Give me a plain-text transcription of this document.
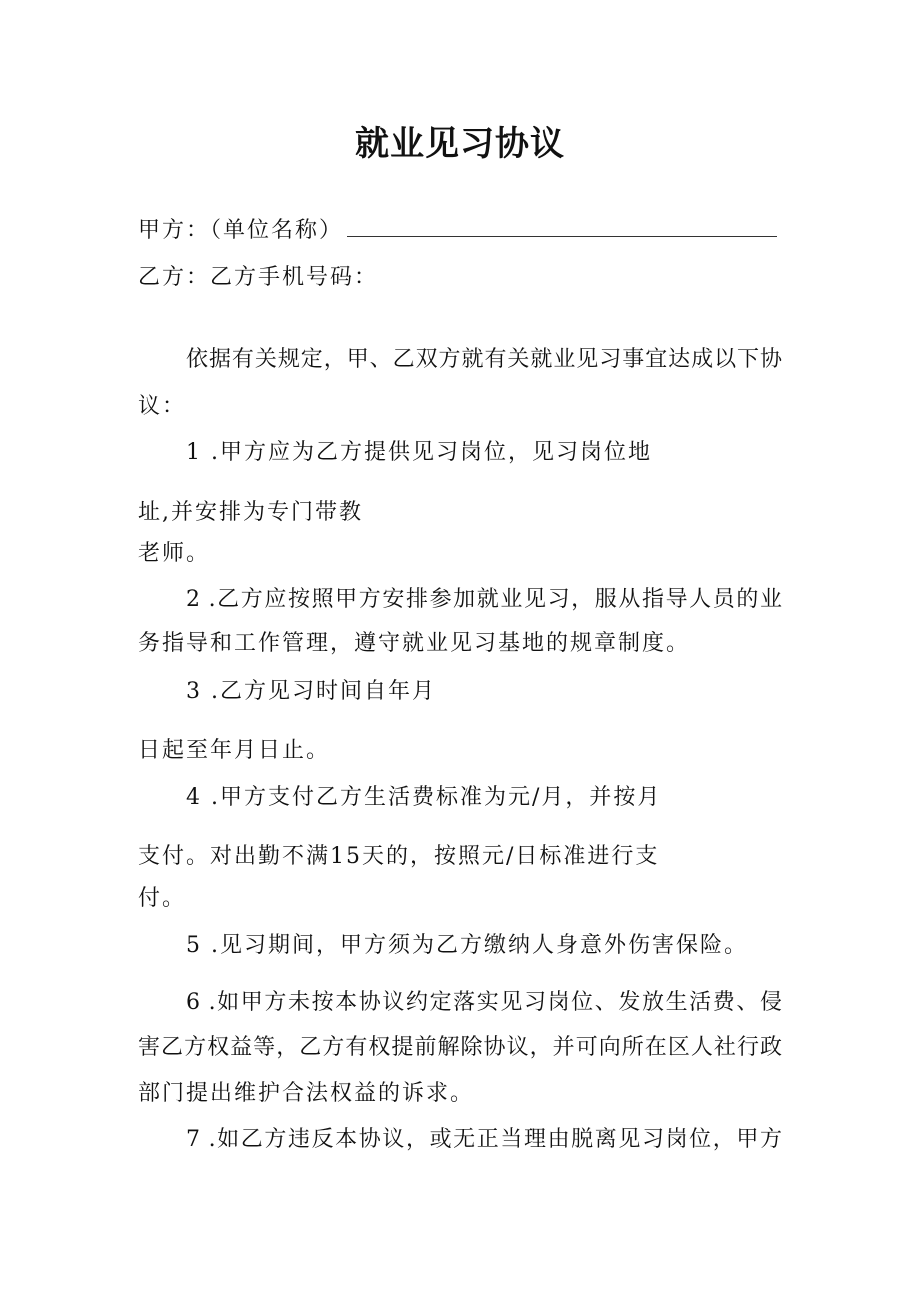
就业见习协议
甲方：（单位名称）
乙方：乙方手机号码：
依据有关规定，甲、乙双方就有关就业见习事宜达成以下协
议：
1 .甲方应为乙方提供见习岗位，见习岗位地
址,并安排为专门带教
老师。
2 .乙方应按照甲方安排参加就业见习，服从指导人员的业
务指导和工作管理，遵守就业见习基地的规章制度。
3 .乙方见习时间自年月
日起至年月日止。
4 .甲方支付乙方生活费标准为元/月，并按月
支付。对出勤不满15天的，按照元/日标准进行支
付。
5 .见习期间，甲方须为乙方缴纳人身意外伤害保险。
6 .如甲方未按本协议约定落实见习岗位、发放生活费、侵
害乙方权益等，乙方有权提前解除协议，并可向所在区人社行政
部门提出维护合法权益的诉求。
7 .如乙方违反本协议，或无正当理由脱离见习岗位，甲方
